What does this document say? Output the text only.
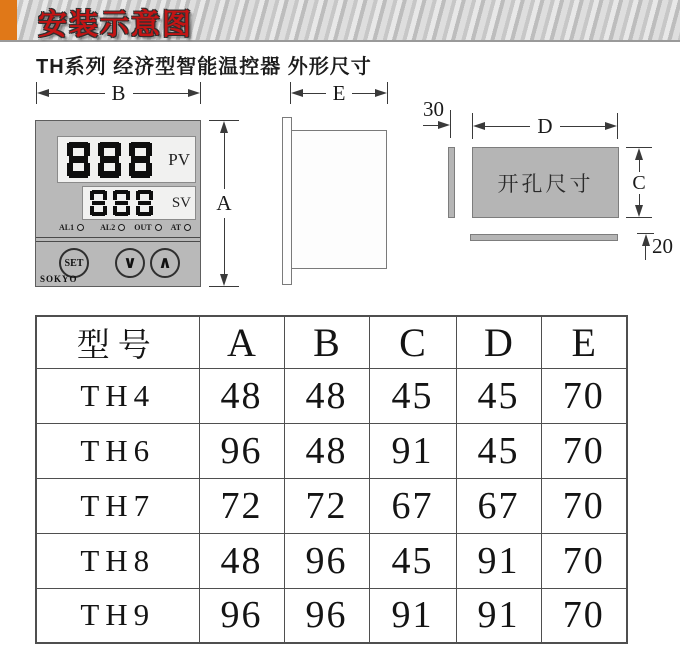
安装示意图
TH系列 经济型智能温控器 外形尺寸
B
PV
SV
AL1	AL2 OUT AT
SET	∨	∧
SOKYO
A
E
30
D
开孔尺寸 C
20
型号	A	B	C	D	E
TH4	48	48	45	45	70
TH6	96	48	91	45	70
TH7	72	72	67	67	70
TH8	48	96	45	91	70
TH9	96	96	91	91	70
